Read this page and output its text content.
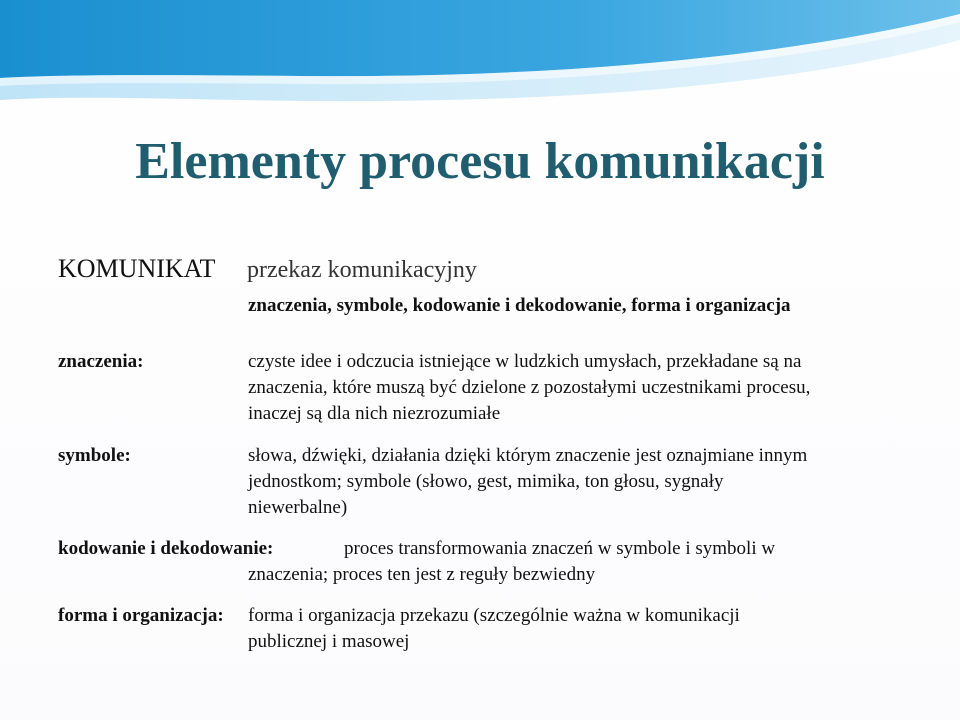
Elementy procesu komunikacji
KOMUNIKAT przekaz komunikacyjny
znaczenia, symbole, kodowanie i dekodowanie, forma i organizacja
znaczenia:	czyste idee i odczucia istniejące w ludzkich umysłach, przekładane są na
znaczenia, które muszą być dzielone z pozostałymi uczestnikami procesu,
inaczej są dla nich niezrozumiałe
symbole:	słowa, dźwięki, działania dzięki którym znaczenie jest oznajmiane innym
jednostkom; symbole (słowo, gest, mimika, ton głosu, sygnały
niewerbalne)
kodowanie i dekodowanie:	proces transformowania znaczeń w symbole i symboli w
znaczenia; proces ten jest z reguły bezwiedny
forma i organizacja: forma i organizacja przekazu (szczególnie ważna w komunikacji
publicznej i masowej
